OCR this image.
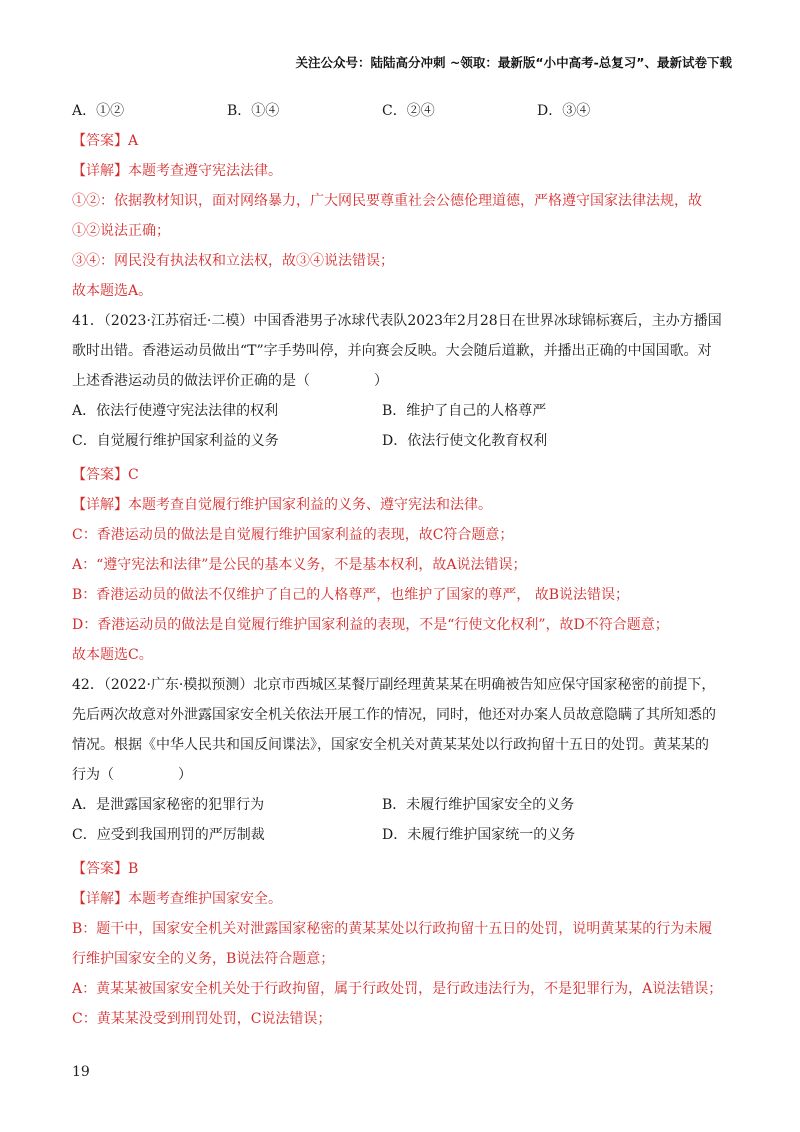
关注公众号：陆陆高分冲刺 ~领取：最新版“小中高考-总复习”、最新试卷下载
A．①②	B．①④	C．②④	D．③④
【答案】A
【详解】本题考查遵守宪法法律。
①②：依据教材知识，面对网络暴力，广大网民要尊重社会公德伦理道德，严格遵守国家法律法规，故
①②说法正确；
③④：网民没有执法权和立法权，故③④说法错误；
故本题选A。
41．（2023·江苏宿迁·二模）中国香港男子冰球代表队2023年2月28日在世界冰球锦标赛后，主办方播国
歌时出错。香港运动员做出“T”字手势叫停，并向赛会反映。大会随后道歉，并播出正确的中国国歌。对
上述香港运动员的做法评价正确的是（	）
A．依法行使遵守宪法法律的权利	B．维护了自己的人格尊严
C．自觉履行维护国家利益的义务	D．依法行使文化教育权利
【答案】C
【详解】本题考查自觉履行维护国家利益的义务、遵守宪法和法律。
C：香港运动员的做法是自觉履行维护国家利益的表现，故C符合题意；
A：“遵守宪法和法律”是公民的基本义务，不是基本权利，故A说法错误；
B：香港运动员的做法不仅维护了自己的人格尊严，也维护了国家的尊严， 故B说法错误；
D：香港运动员的做法是自觉履行维护国家利益的表现，不是“行使文化权利”，故D不符合题意；
故本题选C。
42．（2022·广东·模拟预测）北京市西城区某餐厅副经理黄某某在明确被告知应保守国家秘密的前提下，
先后两次故意对外泄露国家安全机关依法开展工作的情况，同时，他还对办案人员故意隐瞒了其所知悉的
情况。根据《中华人民共和国反间谍法》，国家安全机关对黄某某处以行政拘留十五日的处罚。黄某某的
行为（	）
A．是泄露国家秘密的犯罪行为	B．未履行维护国家安全的义务
C．应受到我国刑罚的严厉制裁	D．未履行维护国家统一的义务
【答案】B
【详解】本题考查维护国家安全。
B：题干中，国家安全机关对泄露国家秘密的黄某某处以行政拘留十五日的处罚，说明黄某某的行为未履
行维护国家安全的义务，B说法符合题意；
A：黄某某被国家安全机关处于行政拘留，属于行政处罚，是行政违法行为，不是犯罪行为，A说法错误；
C：黄某某没受到刑罚处罚，C说法错误；
19
